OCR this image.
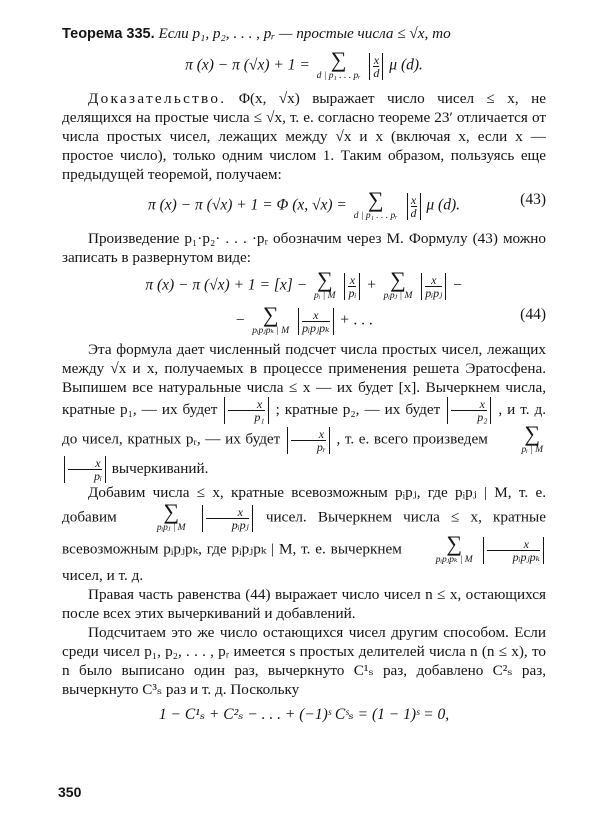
Теорема 335. Если p₁, p₂, . . . , pᵣ — простые числа ≤ √x, то

π (x) − π (√x) + 1 = ∑
d | p₁ . . . pᵣ
$\frac{x}{d}$ μ (d).

Доказательство. Φ(x, √x) выражает число чисел ≤ x, не делящихся на простые числа ≤ √x, т. е. согласно теореме 23′ отличается от числа простых чисел, лежащих между √x и x (включая x, если x — простое число), только одним числом 1. Таким образом, пользуясь еще предыдущей теоремой, получаем:

π (x) − π (√x) + 1 = Φ (x, √x) = ∑
d | p₁ . . . pᵣ
$\frac{x}{d}$ μ (d).	(43)

Произведение p₁·p₂· . . . ·pᵣ обозначим через M. Формулу (43) можно записать в развернутом виде:

π (x) − π (√x) + 1 = [x] − ∑
pᵢ | M
$\frac{x}{\text{pᵢ}}$ + ∑
pᵢpⱼ | M
$\frac{x}{\text{pᵢpⱼ}}$ −
− ∑
pᵢpⱼpₖ | M
$\frac{x}{\text{pᵢpⱼpₖ}}$ + . . .	(44)

Эта формула дает численный подсчет числа простых чисел, лежащих между √x и x, получаемых в процессе применения решета Эратосфена. Выпишем все натуральные числа ≤ x — их будет [x]. Вычеркнем числа, кратные p₁, — их будет $\frac{x}{\text{p₁}}$ ; кратные p₂, — их будет $\frac{x}{\text{p₂}}$ , и т. д. до чисел, кратных pᵣ, — их будет $\frac{x}{\text{pᵣ}}$ , т. е. всего произведем	∑
pᵢ | M

$\frac{x}{\text{pᵢ}}$ вычеркиваний.

Добавим числа ≤ x, кратные всевозможным pᵢpⱼ, где pᵢpⱼ | M, т. е. добавим	∑
pᵢpⱼ | M
$\frac{x}{\text{pᵢpⱼ}}$ чисел. Вычеркнем числа ≤ x, кратные всевозможным pᵢpⱼpₖ, где pᵢpⱼpₖ | M, т. е. вычеркнем	∑
pᵢpⱼpₖ | M
$\frac{x}{\text{pᵢpⱼpₖ}}$
чисел, и т. д.

Правая часть равенства (44) выражает число чисел n ≤ x, остающихся после всех этих вычеркиваний и добавлений.

Подсчитаем это же число остающихся чисел другим способом. Если среди чисел p₁, p₂, . . . , pᵣ имеется s простых делителей числа n (n ≤ x), то n было выписано один раз, вычеркнуто C¹ₛ раз, добавлено C²ₛ раз, вычеркнуто C³ₛ раз и т. д. Поскольку

1 − C¹ₛ + C²ₛ − . . . + (−1)ˢ Cˢₛ = (1 − 1)ˢ = 0,
350
